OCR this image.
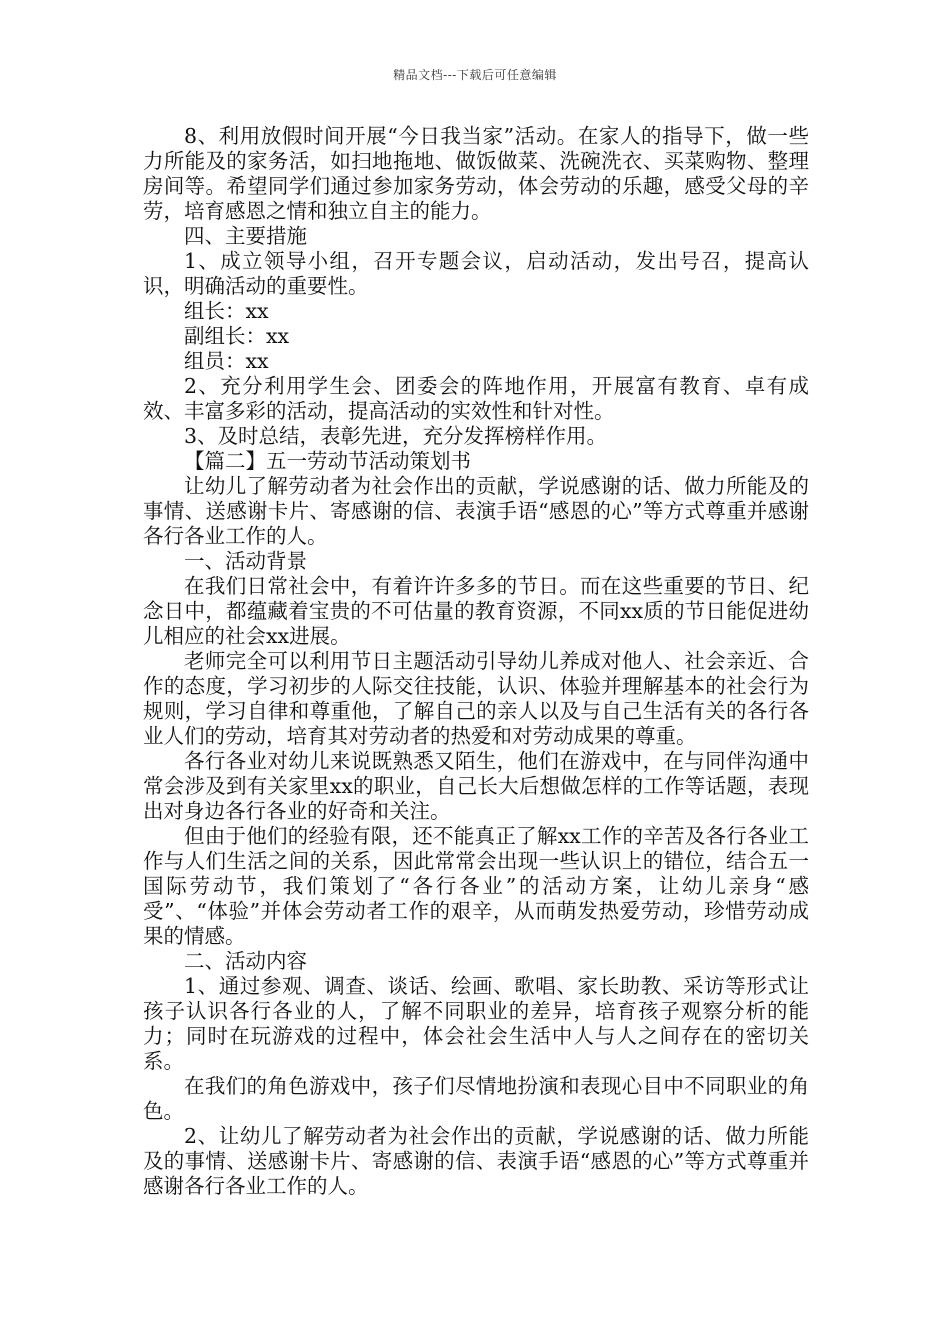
精品文档---下载后可任意编辑

8、利用放假时间开展“今日我当家”活动。在家人的指导下，做一些力所能及的家务活，如扫地拖地、做饭做菜、洗碗洗衣、买菜购物、整理房间等。希望同学们通过参加家务劳动，体会劳动的乐趣，感受父母的辛劳，培育感恩之情和独立自主的能力。

四、主要措施

1、成立领导小组，召开专题会议，启动活动，发出号召，提高认识，明确活动的重要性。

组长：xx

副组长：xx

组员：xx

2、充分利用学生会、团委会的阵地作用，开展富有教育、卓有成效、丰富多彩的活动，提高活动的实效性和针对性。

3、及时总结，表彰先进，充分发挥榜样作用。

【篇二】五一劳动节活动策划书

让幼儿了解劳动者为社会作出的贡献，学说感谢的话、做力所能及的事情、送感谢卡片、寄感谢的信、表演手语“感恩的心”等方式尊重并感谢各行各业工作的人。

一、活动背景

在我们日常社会中，有着许许多多的节日。而在这些重要的节日、纪念日中，都蕴藏着宝贵的不可估量的教育资源，不同xx质的节日能促进幼儿相应的社会xx进展。

老师完全可以利用节日主题活动引导幼儿养成对他人、社会亲近、合作的态度，学习初步的人际交往技能，认识、体验并理解基本的社会行为规则，学习自律和尊重他，了解自己的亲人以及与自己生活有关的各行各业人们的劳动，培育其对劳动者的热爱和对劳动成果的尊重。

各行各业对幼儿来说既熟悉又陌生，他们在游戏中，在与同伴沟通中常会涉及到有关家里xx的职业，自己长大后想做怎样的工作等话题，表现出对身边各行各业的好奇和关注。

但由于他们的经验有限，还不能真正了解xx工作的辛苦及各行各业工作与人们生活之间的关系，因此常常会出现一些认识上的错位，结合五一国际劳动节，我们策划了“各行各业”的活动方案，让幼儿亲身“感受”、“体验”并体会劳动者工作的艰辛，从而萌发热爱劳动，珍惜劳动成果的情感。

二、活动内容

1、通过参观、调查、谈话、绘画、歌唱、家长助教、采访等形式让孩子认识各行各业的人，了解不同职业的差异，培育孩子观察分析的能力；同时在玩游戏的过程中，体会社会生活中人与人之间存在的密切关系。

在我们的角色游戏中，孩子们尽情地扮演和表现心目中不同职业的角色。

2、让幼儿了解劳动者为社会作出的贡献，学说感谢的话、做力所能及的事情、送感谢卡片、寄感谢的信、表演手语“感恩的心”等方式尊重并感谢各行各业工作的人。
